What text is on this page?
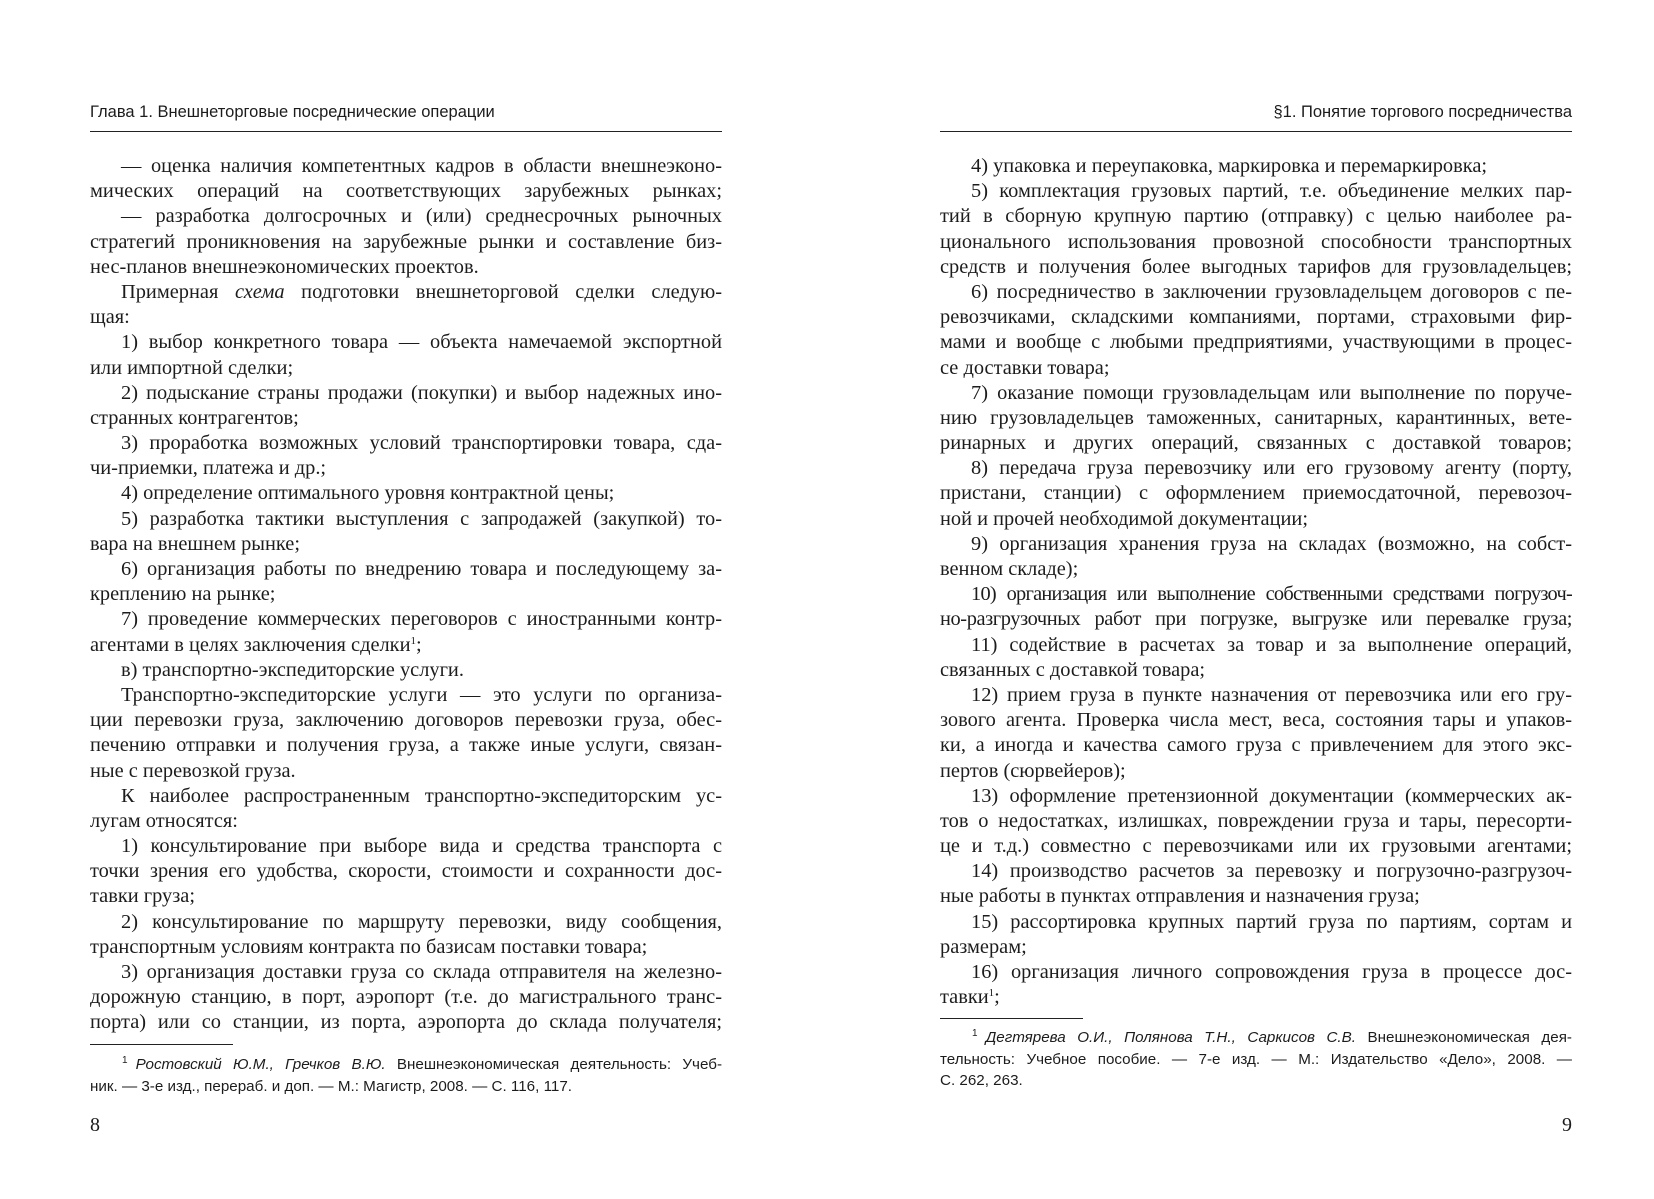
Глава 1. Внешнеторговые посреднические операции
— оценка наличия компетентных кадров в области внешнеэконо-
мических операций на соответствующих зарубежных рынках;
— разработка долгосрочных и (или) среднесрочных рыночных
стратегий проникновения на зарубежные рынки и составление биз-
нес-планов внешнеэкономических проектов.
Примерная схема подготовки внешнеторговой сделки следую-
щая:
1) выбор конкретного товара — объекта намечаемой экспортной
или импортной сделки;
2) подыскание страны продажи (покупки) и выбор надежных ино-
странных контрагентов;
3) проработка возможных условий транспортировки товара, сда-
чи-приемки, платежа и др.;
4) определение оптимального уровня контрактной цены;
5) разработка тактики выступления с запродажей (закупкой) то-
вара на внешнем рынке;
6) организация работы по внедрению товара и последующему за-
креплению на рынке;
7) проведение коммерческих переговоров с иностранными контр-
агентами в целях заключения сделки$^1$;
в) транспортно-экспедиторские услуги.
Транспортно-экспедиторские услуги — это услуги по организа-
ции перевозки груза, заключению договоров перевозки груза, обес-
печению отправки и получения груза, а также иные услуги, связан-
ные с перевозкой груза.
К наиболее распространенным транспортно-экспедиторским ус-
лугам относятся:
1) консультирование при выборе вида и средства транспорта с
точки зрения его удобства, скорости, стоимости и сохранности дос-
тавки груза;
2) консультирование по маршруту перевозки, виду сообщения,
транспортным условиям контракта по базисам поставки товара;
3) организация доставки груза со склада отправителя на железно-
дорожную станцию, в порт, аэропорт (т.е. до магистрального транс-
порта) или со станции, из порта, аэропорта до склада получателя;
$^1$ Ростовский Ю.М., Гречков В.Ю. Внешнеэкономическая деятельность: Учеб-
ник. — 3-е изд., перераб. и доп. — М.: Магистр, 2008. — С. 116, 117.
8
§1. Понятие торгового посредничества
4) упаковка и переупаковка, маркировка и перемаркировка;
5) комплектация грузовых партий, т.е. объединение мелких пар-
тий в сборную крупную партию (отправку) с целью наиболее ра-
ционального использования провозной способности транспортных
средств и получения более выгодных тарифов для грузовладельцев;
6) посредничество в заключении грузовладельцем договоров с пе-
ревозчиками, складскими компаниями, портами, страховыми фир-
мами и вообще с любыми предприятиями, участвующими в процес-
се доставки товара;
7) оказание помощи грузовладельцам или выполнение по поруче-
нию грузовладельцев таможенных, санитарных, карантинных, вете-
ринарных и других операций, связанных с доставкой товаров;
8) передача груза перевозчику или его грузовому агенту (порту,
пристани, станции) с оформлением приемосдаточной, перевозоч-
ной и прочей необходимой документации;
9) организация хранения груза на складах (возможно, на собст-
венном складе);
10) организация или выполнение собственными средствами погрузоч-
но-разгрузочных работ при погрузке, выгрузке или перевалке груза;
11) содействие в расчетах за товар и за выполнение операций,
связанных с доставкой товара;
12) прием груза в пункте назначения от перевозчика или его гру-
зового агента. Проверка числа мест, веса, состояния тары и упаков-
ки, а иногда и качества самого груза с привлечением для этого экс-
пертов (сюрвейеров);
13) оформление претензионной документации (коммерческих ак-
тов о недостатках, излишках, повреждении груза и тары, пересорти-
це и т.д.) совместно с перевозчиками или их грузовыми агентами;
14) производство расчетов за перевозку и погрузочно-разгрузоч-
ные работы в пунктах отправления и назначения груза;
15) рассортировка крупных партий груза по партиям, сортам и
размерам;
16) организация личного сопровождения груза в процессе дос-
тавки$^1$;
$^1$ Дегтярева О.И., Полянова Т.Н., Саркисов С.В. Внешнеэкономическая дея-
тельность: Учебное пособие. — 7-е изд. — М.: Издательство «Дело», 2008. —
С. 262, 263.
9
